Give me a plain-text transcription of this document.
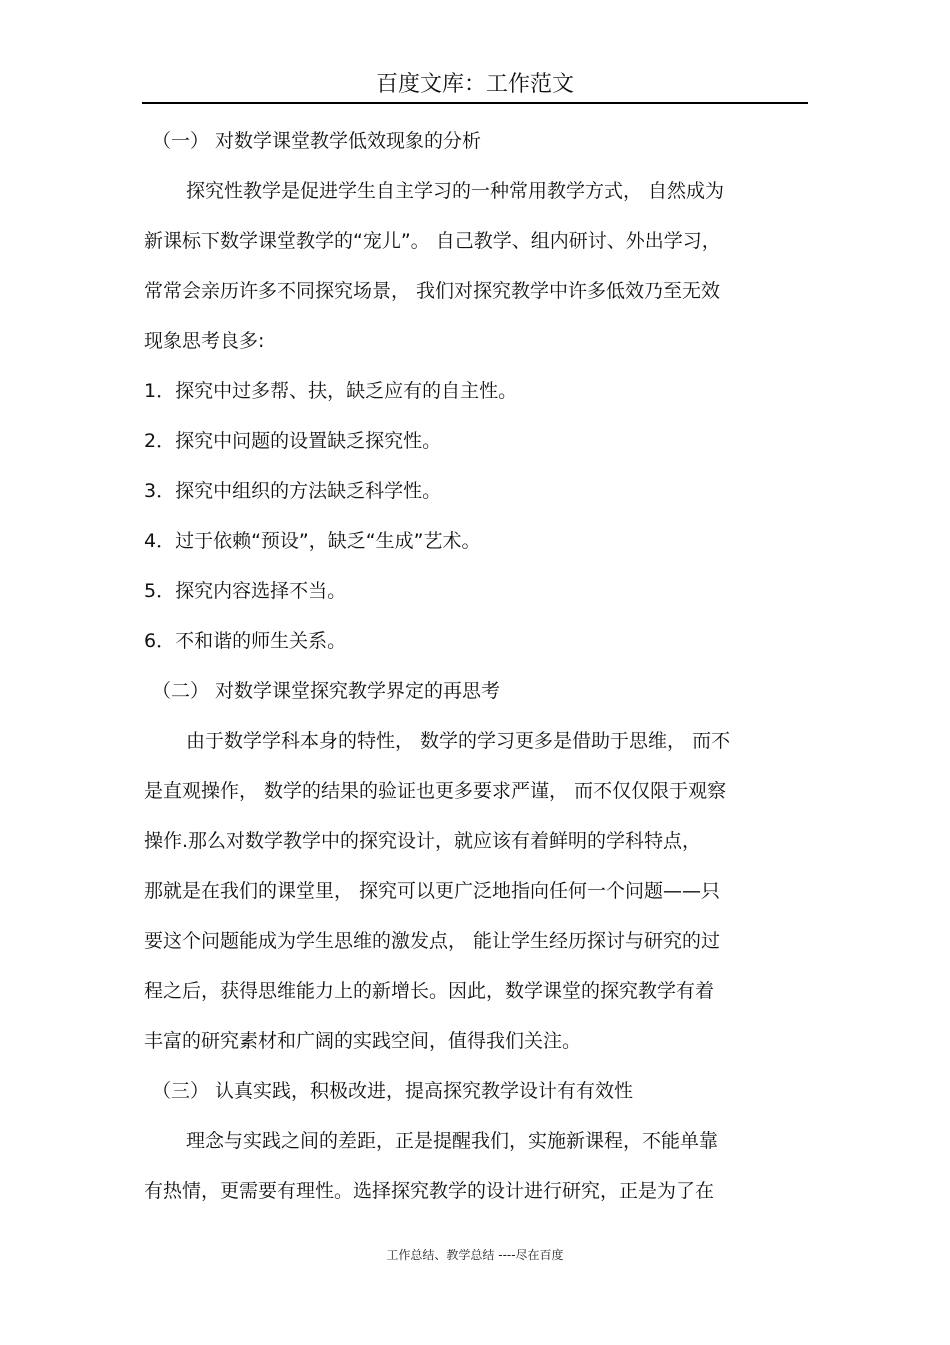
百度文库：工作范文
（一） 对数学课堂教学低效现象的分析
探究性教学是促进学生自主学习的一种常用教学方式， 自然成为
新课标下数学课堂教学的“宠儿”。 自己教学、组内研讨、外出学习，
常常会亲历许多不同探究场景， 我们对探究教学中许多低效乃至无效
现象思考良多:
1．探究中过多帮、扶，缺乏应有的自主性。
2．探究中问题的设置缺乏探究性。
3．探究中组织的方法缺乏科学性。
4．过于依赖“预设”，缺乏“生成”艺术。
5．探究内容选择不当。
6．不和谐的师生关系。
（二） 对数学课堂探究教学界定的再思考
由于数学学科本身的特性， 数学的学习更多是借助于思维， 而不
是直观操作， 数学的结果的验证也更多要求严谨， 而不仅仅限于观察
操作.那么对数学教学中的探究设计，就应该有着鲜明的学科特点，
那就是在我们的课堂里， 探究可以更广泛地指向任何一个问题——只
要这个问题能成为学生思维的激发点， 能让学生经历探讨与研究的过
程之后，获得思维能力上的新增长。因此，数学课堂的探究教学有着
丰富的研究素材和广阔的实践空间，值得我们关注。
（三） 认真实践，积极改进，提高探究教学设计有有效性
理念与实践之间的差距，正是提醒我们，实施新课程，不能单靠
有热情，更需要有理性。选择探究教学的设计进行研究，正是为了在
工作总结、教学总结 ----尽在百度
